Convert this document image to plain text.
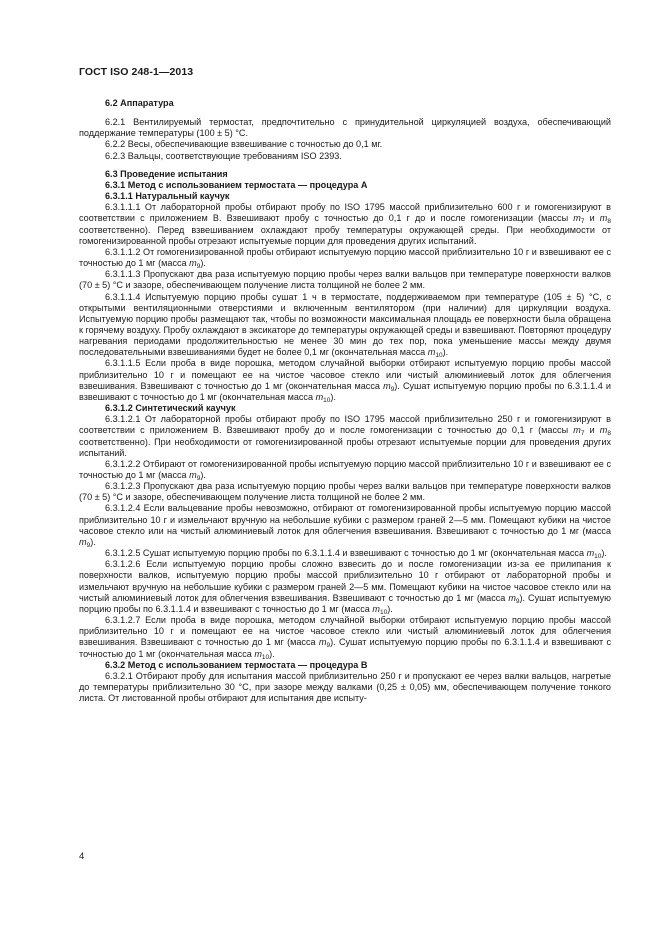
ГОСТ ISO 248-1—2013

6.2 Аппаратура

6.2.1 Вентилируемый термостат, предпочтительно с принудительной циркуляцией воздуха, обеспечивающий поддержание температуры (100 ± 5) °С.

6.2.2 Весы, обеспечивающие взвешивание с точностью до 0,1 мг.

6.2.3 Вальцы, соответствующие требованиям ISO 2393.

6.3 Проведение испытания

6.3.1 Метод с использованием термостата — процедура А

6.3.1.1 Натуральный каучук

6.3.1.1.1 От лабораторной пробы отбирают пробу по ISO 1795 массой приблизительно 600 г и гомогенизируют в соответствии с приложением В. Взвешивают пробу с точностью до 0,1 г до и после гомогенизации (массы $m_7$ и $m_8$ соответственно). Перед взвешиванием охлаждают пробу температуры окружающей среды. При необходимости от гомогенизированной пробы отрезают испытуемые порции для проведения других испытаний.

6.3.1.1.2 От гомогенизированной пробы отбирают испытуемую порцию массой приблизительно 10 г и взвешивают ее с точностью до 1 мг (масса $m_9$).

6.3.1.1.3 Пропускают два раза испытуемую порцию пробы через валки вальцов при температуре поверхности валков (70 ± 5) °С и зазоре, обеспечивающем получение листа толщиной не более 2 мм.

6.3.1.1.4 Испытуемую порцию пробы сушат 1 ч в термостате, поддерживаемом при температуре (105 ± 5) °С, с открытыми вентиляционными отверстиями и включенным вентилятором (при наличии) для циркуляции воздуха. Испытуемую порцию пробы размещают так, чтобы по возможности максимальная площадь ее поверхности была обращена к горячему воздуху. Пробу охлаждают в эксикаторе до температуры окружающей среды и взвешивают. Повторяют процедуру нагревания периодами продолжительностью не менее 30 мин до тех пор, пока уменьшение массы между двумя последовательными взвешиваниями будет не более 0,1 мг (окончательная масса $m_{10}$).

6.3.1.1.5 Если проба в виде порошка, методом случайной выборки отбирают испытуемую порцию пробы массой приблизительно 10 г и помещают ее на чистое часовое стекло или чистый алюминиевый лоток для облегчения взвешивания. Взвешивают с точностью до 1 мг (окончательная масса $m_9$). Сушат испытуемую порцию пробы по 6.3.1.1.4 и взвешивают с точностью до 1 мг (окончательная масса $m_{10}$).

6.3.1.2 Синтетический каучук

6.3.1.2.1 От лабораторной пробы отбирают пробу по ISO 1795 массой приблизительно 250 г и гомогенизируют в соответствии с приложением В. Взвешивают пробу до и после гомогенизации с точностью до 0,1 г (массы $m_7$ и $m_8$ соответственно). При необходимости от гомогенизированной пробы отрезают испытуемые порции для проведения других испытаний.

6.3.1.2.2 Отбирают от гомогенизированной пробы испытуемую порцию массой приблизительно 10 г и взвешивают ее с точностью до 1 мг (масса $m_9$).

6.3.1.2.3 Пропускают два раза испытуемую порцию пробы через валки вальцов при температуре поверхности валков (70 ± 5) °С и зазоре, обеспечивающем получение листа толщиной не более 2 мм.

6.3.1.2.4 Если вальцевание пробы невозможно, отбирают от гомогенизированной пробы испытуемую порцию массой приблизительно 10 г и измельчают вручную на небольшие кубики с размером граней 2—5 мм. Помещают кубики на чистое часовое стекло или на чистый алюминиевый лоток для облегчения взвешивания. Взвешивают с точностью до 1 мг (масса $m_9$).

6.3.1.2.5 Сушат испытуемую порцию пробы по 6.3.1.1.4 и взвешивают с точностью до 1 мг (окончательная масса $m_{10}$).

6.3.1.2.6 Если испытуемую порцию пробы сложно взвесить до и после гомогенизации из-за ее прилипания к поверхности валков, испытуемую порцию пробы массой приблизительно 10 г отбирают от лабораторной пробы и измельчают вручную на небольшие кубики с размером граней 2—5 мм. Помещают кубики на чистое часовое стекло или на чистый алюминиевый лоток для облегчения взвешивания. Взвешивают с точностью до 1 мг (масса $m_9$). Сушат испытуемую порцию пробы по 6.3.1.1.4 и взвешивают с точностью до 1 мг (масса $m_{10}$).

6.3.1.2.7 Если проба в виде порошка, методом случайной выборки отбирают испытуемую порцию пробы массой приблизительно 10 г и помещают ее на чистое часовое стекло или чистый алюминиевый лоток для облегчения взвешивания. Взвешивают с точностью до 1 мг (масса $m_9$). Сушат испытуемую порцию пробы по 6.3.1.1.4 и взвешивают с точностью до 1 мг (окончательная масса $m_{10}$).

6.3.2 Метод с использованием термостата — процедура В

6.3.2.1 Отбирают пробу для испытания массой приблизительно 250 г и пропускают ее через валки вальцов, нагретые до температуры приблизительно 30 °С, при зазоре между валками (0,25 ± 0,05) мм, обеспечивающем получение тонкого листа. От листованной пробы отбирают для испытания две испыту-

4
